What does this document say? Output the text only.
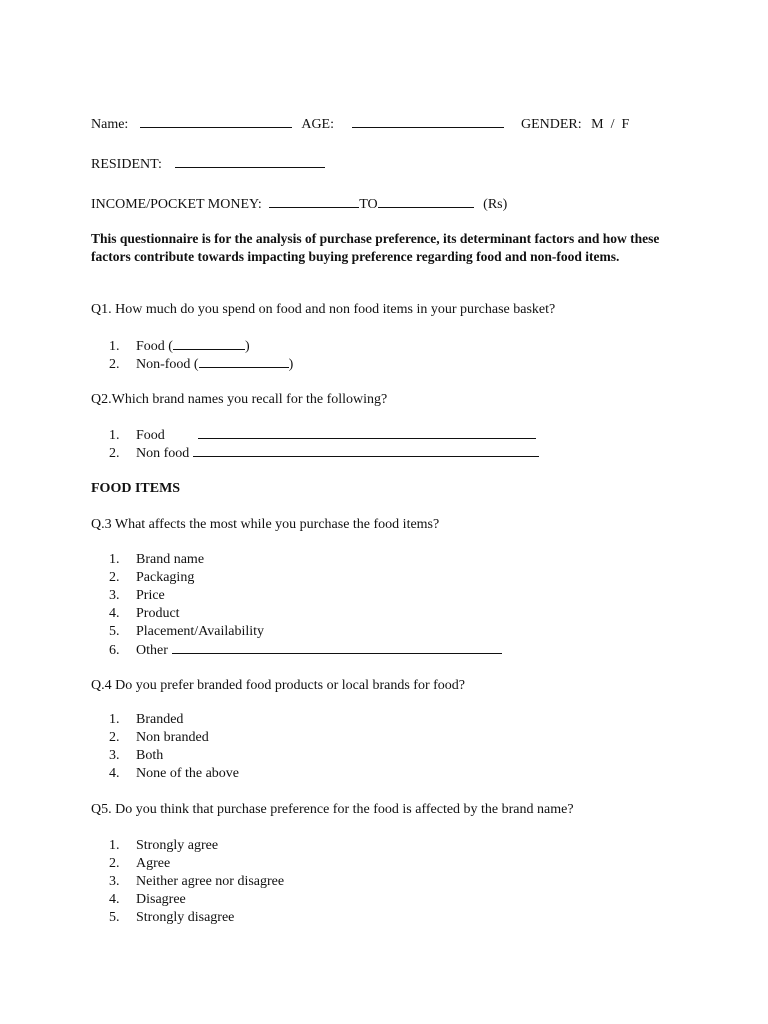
Name:	AGE:	GENDER: M  /  F
RESIDENT:
INCOME/POCKET MONEY:	TO	(Rs)
This questionnaire is for the analysis of purchase preference, its determinant factors and how these factors contribute towards impacting buying preference regarding food and non-food items.
Q1. How much do you spend on food and non food items in your purchase basket?
1. Food (	)
2. Non-food (	)
Q2.Which brand names you recall for the following?
1. Food
2. Non food
FOOD ITEMS
Q.3 What affects the most while you purchase the food items?
1. Brand name
2. Packaging
3. Price
4. Product
5. Placement/Availability
6. Other
Q.4 Do you prefer branded food products or local brands for food?
1. Branded
2. Non branded
3. Both
4. None of the above
Q5. Do you think that purchase preference for the food is affected by the brand name?
1. Strongly agree
2. Agree
3. Neither agree nor disagree
4. Disagree
5. Strongly disagree
